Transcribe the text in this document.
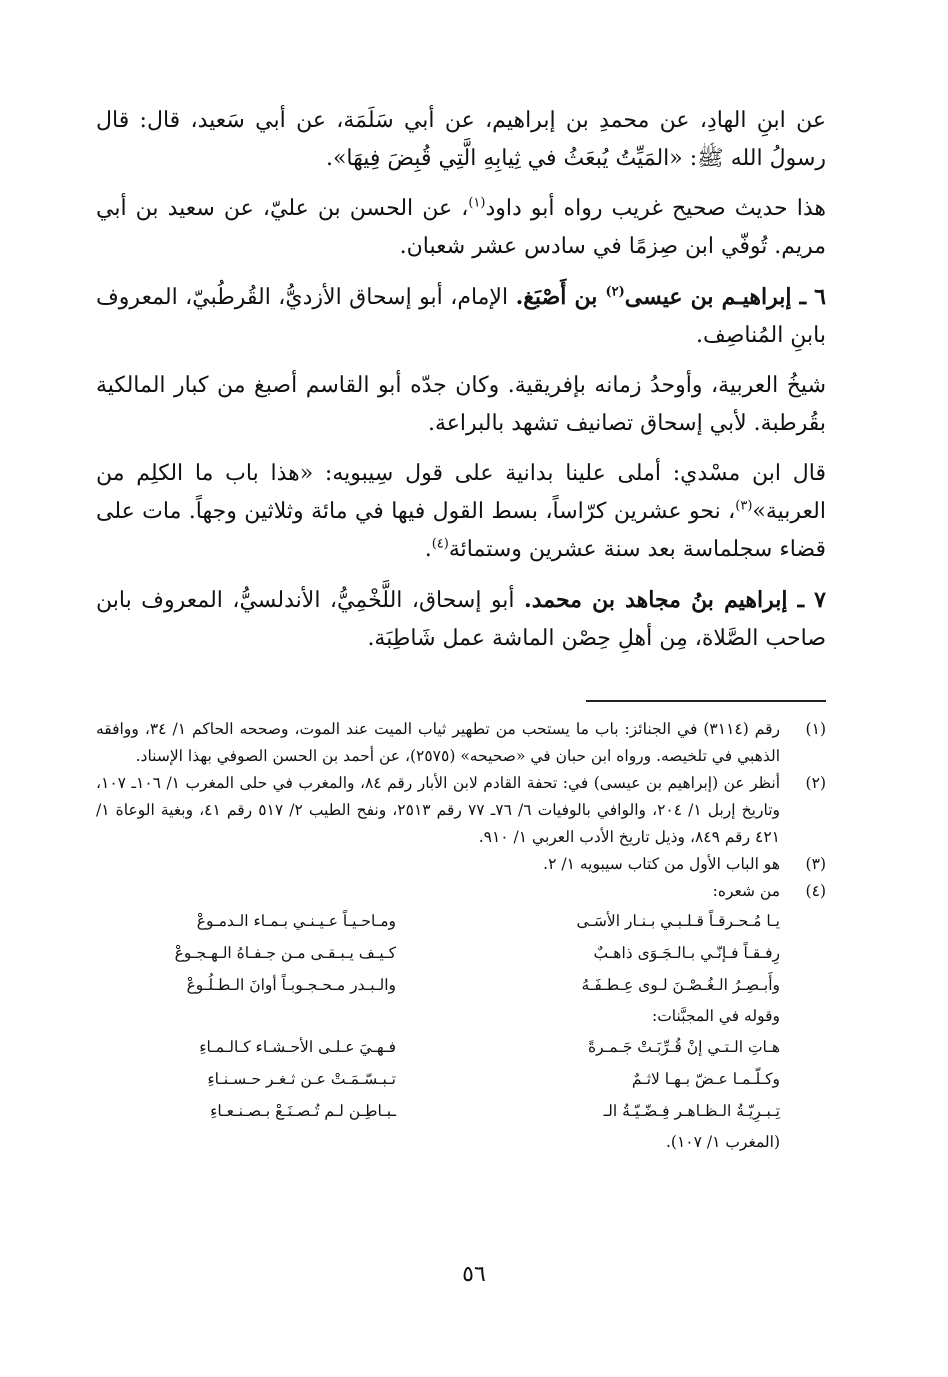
عن ابنِ الهادِ، عن محمدِ بن إبراهيم، عن أبي سَلَمَة، عن أبي سَعيد، قال: قال رسولُ الله ﷺ: «المَيِّتُ يُبعَثُ في ثِيابِهِ الَّتِي قُبِضَ فِيهَا».

هذا حديث صحيح غريب رواه أبو داود$^{(١)}$، عن الحسن بن عليّ، عن سعيد بن أبي مريم. تُوفّي ابن صِ‍زمًا في سادس عشر شعبان.

٦ ـ إبراهيـم بن عيسى$^{(٢)}$ بن أَصْبَغ. الإمام، أبو إسحاق الأزديُّ، القُرطُبيّ، المعروف بابنِ المُناصِف.

شيخُ العربية، وأوحدُ زمانه بإفريقية. وكان جدّه أبو القاسم أصبغ من كبار المالكية بقُرطبة. لأبي إسحاق تصانيف تشهد بالبراعة.

قال ابن مسْدي: أملى علينا بدانية على قول سِيبويه: «هذا باب ما الكلِم من العربية»$^{(٣)}$، نحو عشرين كرّاساً، بسط القول فيها في مائة وثلاثين وجهاً. مات على قضاء سجلماسة بعد سنة عشرين وستمائة$^{(٤)}$.

٧ ـ إبراهيم بنُ مجاهد بن محمد. أبو إسحاق، اللَّخْمِيُّ، الأندلسيُّ، المعروف بابن صاحب الصَّلاة، مِن أهلِ حِصْن الماشة عمل شَاطِبَة.

(١)
رقم (٣١١٤) في الجنائز: باب ما يستحب من تطهير ثياب الميت عند الموت، وصححه الحاكم ١/ ٣٤، ووافقه الذهبي في تلخيصه. ورواه ابن حبان في «صحيحه» (٢٥٧٥)، عن أحمد بن الحسن الصوفي بهذا الإسناد.
(٢)
أنظر عن (إبراهيم بن عيسى) في: تحفة القادم لابن الأبار رقم ٨٤، والمغرب في حلى المغرب ١/ ١٠٦ـ ١٠٧، وتاريخ إربل ١/ ٢٠٤، والوافي بالوفيات ٦/ ٧٦ـ ٧٧ رقم ٢٥١٣، ونفح الطيب ٢/ ٥١٧ رقم ٤١، وبغية الوعاة ١/ ٤٢١ رقم ٨٤٩، وذيل تاريخ الأدب العربي ١/ ٩١٠.
(٣)
هو الباب الأول من كتاب سيبويه ١/ ٢.
(٤)
من شعره:
يـا مُـحـرقـاً قـلـبـي بـنـار الأسَـى
ومـاحـيـاً عـيـنـي بـمـاء الـدمـوعْ
رِفـقـاً فـإنّـي بـالـجَـوَى ذاهـبٌ
كـيـف يـبـقـى مـن جـفـاهُ الـهـجـوعْ
وأَبـصِـرُ الـغُـصْـنَ لـوى عِـطـفَـهُ
والـبـدر مـحـجـوبـاً أوانَ الـطـلُـوعْ
وقوله في المجبَّنات:
هـاتِ الـتـي إنْ قُـرِّبَـتْ جَـمـرةً
فـهـيَ عـلـى الأحـشـاء كـالـمـاءِ
وكـلّـمـا عـضّ بـهـا لاثـمٌ
تـبـسّـمَـتْ عـن ثـغـر حـسـنـاءِ
تِـبـرِيّـةُ الـظـاهـر فِـضّـيّـةُ الـ
ـبـاطِـن لـم تُـصـنَـعْ بـصـنـعـاءِ
(المغرب ١/ ١٠٧).
٥٦
